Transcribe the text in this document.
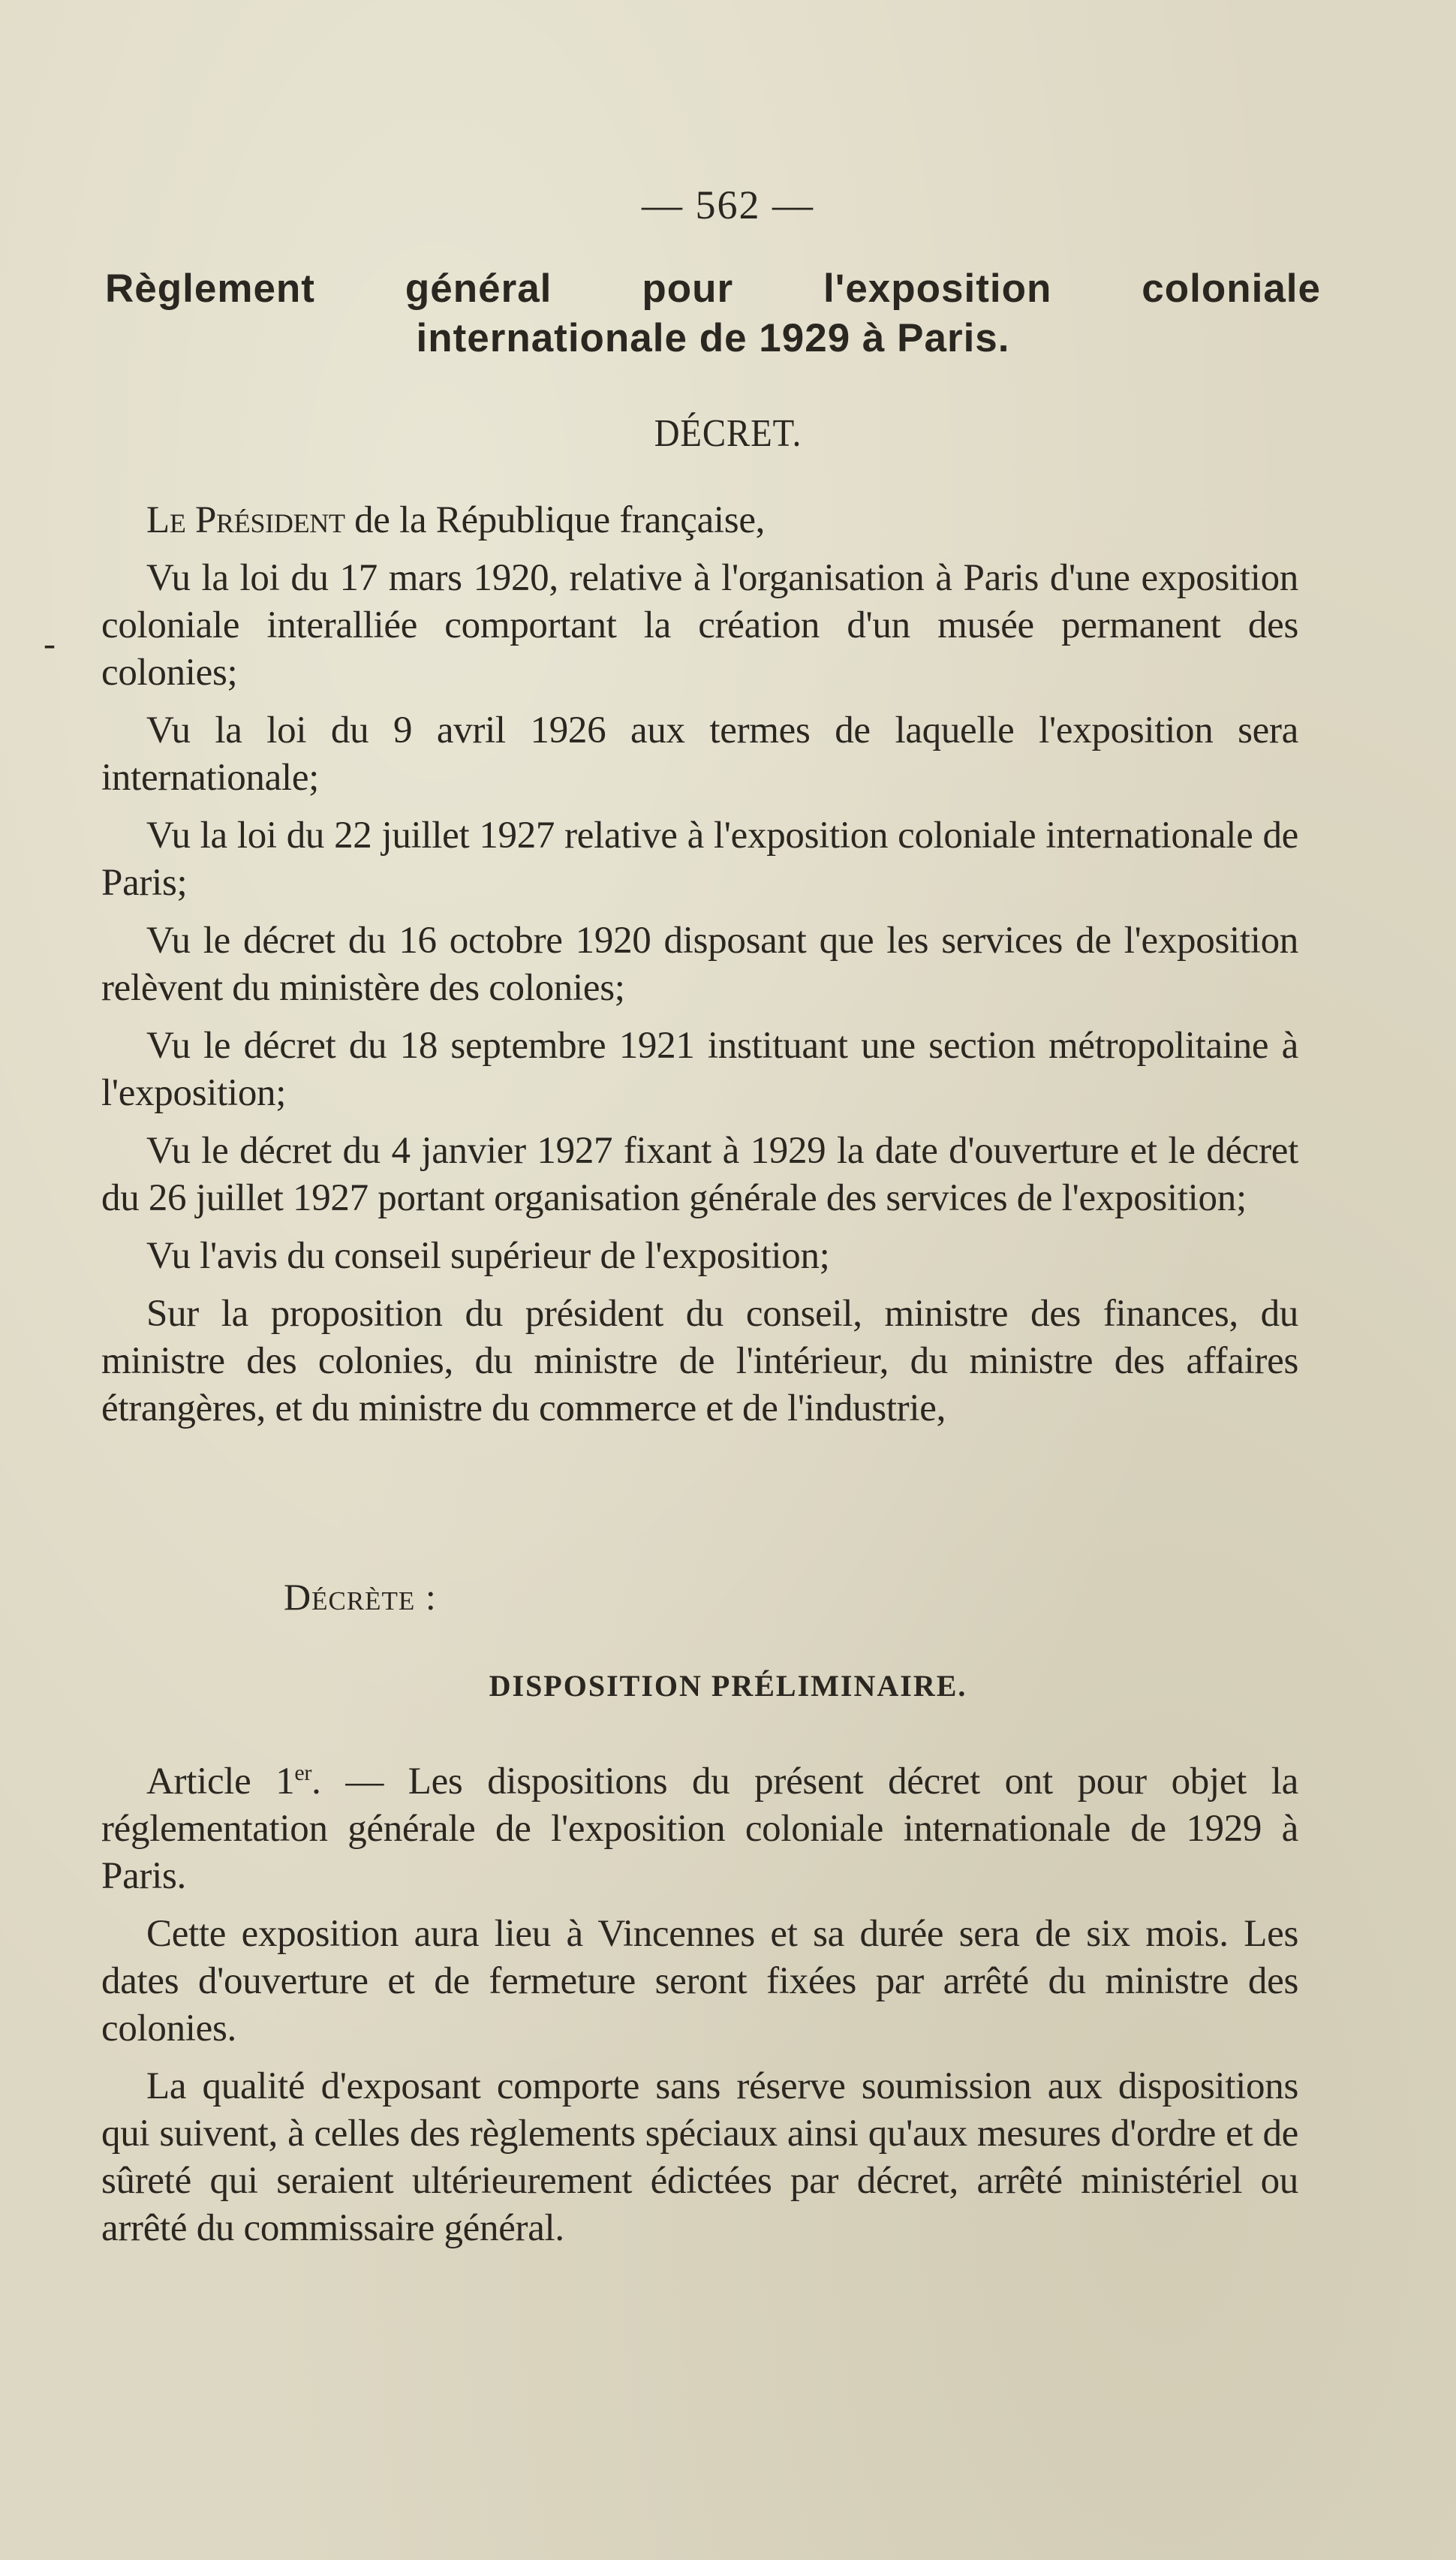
— 562 —
Règlement général pour l'exposition coloniale
internationale de 1929 à Paris.
DÉCRET.
-

Le Président de la République française,

Vu la loi du 17 mars 1920, relative à l'organisation à Paris d'une exposition coloniale interalliée comportant la création d'un musée permanent des colonies;

Vu la loi du 9 avril 1926 aux termes de laquelle l'exposition sera internationale;

Vu la loi du 22 juillet 1927 relative à l'exposition coloniale internationale de Paris;

Vu le décret du 16 octobre 1920 disposant que les services de l'exposition relèvent du ministère des colonies;

Vu le décret du 18 septembre 1921 instituant une section métropolitaine à l'exposition;

Vu le décret du 4 janvier 1927 fixant à 1929 la date d'ouverture et le décret du 26 juillet 1927 portant organisation générale des services de l'exposition;

Vu l'avis du conseil supérieur de l'exposition;

Sur la proposition du président du conseil, ministre des finances, du ministre des colonies, du ministre de l'intérieur, du ministre des affaires étrangères, et du ministre du commerce et de l'industrie,

Décrète :
DISPOSITION PRÉLIMINAIRE.

Article 1er. — Les dispositions du présent décret ont pour objet la réglementation générale de l'exposition coloniale internationale de 1929 à Paris.

Cette exposition aura lieu à Vincennes et sa durée sera de six mois. Les dates d'ouverture et de fermeture seront fixées par arrêté du ministre des colonies.

La qualité d'exposant comporte sans réserve soumission aux dispositions qui suivent, à celles des règlements spéciaux ainsi qu'aux mesures d'ordre et de sûreté qui seraient ultérieurement édictées par décret, arrêté ministériel ou arrêté du commissaire général.
